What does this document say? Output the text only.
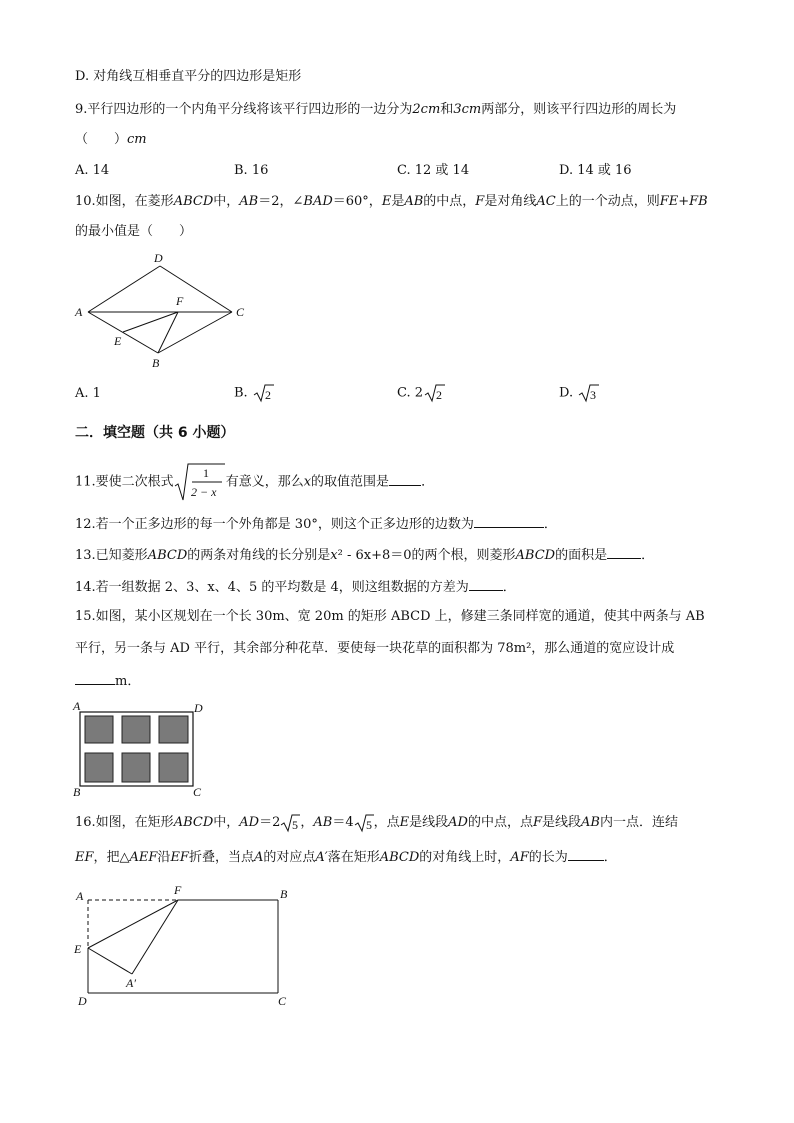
D. 对角线互相垂直平分的四边形是矩形
9.平行四边形的一个内角平分线将该平行四边形的一边分为2cm和3cm两部分，则该平行四边形的周长为
（　　）cm
A. 14	B. 16	C. 12 或 14	D. 14 或 16
10.如图，在菱形ABCD中，AB＝2，∠BAD＝60°，E是AB的中点，F是对角线AC上的一个动点，则FE+FB
的最小值是（　　）
D
A	C
F
E
B
A. 1	B. 2	C. 2 2	D. 3
二．填空题（共 6 小题）
11.要使二次根式
1
2 − x
有意义，那么x的取值范围是 ．
12.若一个正多边形的每一个外角都是 30°，则这个正多边形的边数为	．
13.已知菱形ABCD的两条对角线的长分别是x² - 6x+8＝0的两个根，则菱形ABCD的面积是	．
14.若一组数据 2、3、x、4、5 的平均数是 4，则这组数据的方差为	．
15.如图，某小区规划在一个长 30m、宽 20m 的矩形 ABCD 上，修建三条同样宽的通道，使其中两条与 AB
平行，另一条与 AD 平行，其余部分种花草．要使每一块花草的面积都为 78m²，那么通道的宽应设计成
m．
A	D
B	C
16.如图，在矩形ABCD中，AD＝2 5 ，AB＝4 5 ，点E是线段AD的中点，点F是线段AB内一点．连结
EF，把△AEF沿EF折叠，当点A的对应点A′落在矩形ABCD的对角线上时，AF的长为	．
A	F	B
E
A′
D	C
